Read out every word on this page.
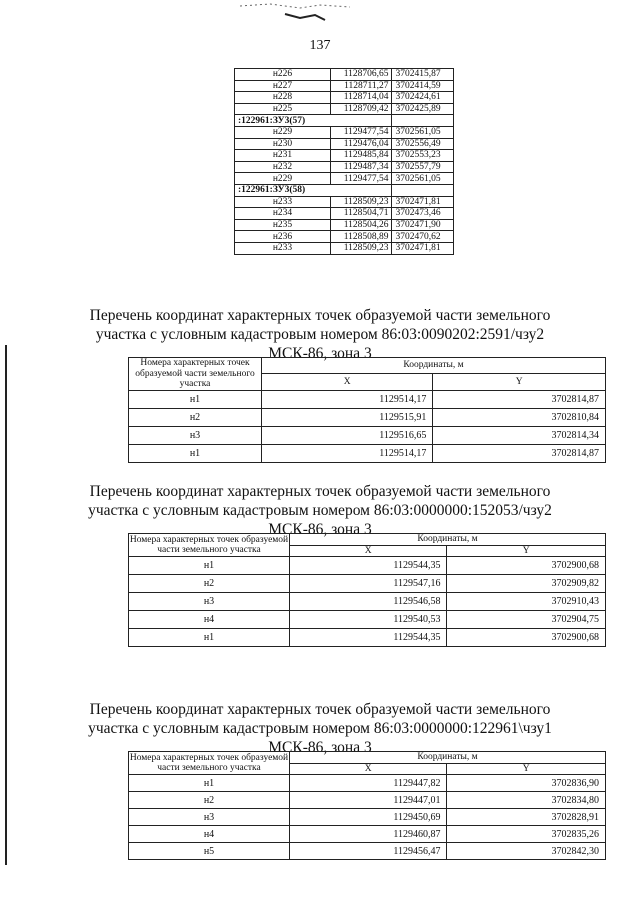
137
н226	1128706,65	3702415,87
н227	1128711,27	3702414,59
н228	1128714,04	3702424,61
н225	1128709,42	3702425,89
:122961:ЗУ3(57)		
н229	1129477,54	3702561,05
н230	1129476,04	3702556,49
н231	1129485,84	3702553,23
н232	1129487,34	3702557,79
н229	1129477,54	3702561,05
:122961:ЗУ3(58)		
н233	1128509,23	3702471,81
н234	1128504,71	3702473,46
н235	1128504,26	3702471,90
н236	1128508,89	3702470,62
н233	1128509,23	3702471,81
Перечень координат характерных точек образуемой части земельного
участка с условным кадастровым номером 86:03:0090202:2591/чзу2
МСК-86, зона 3
Номера характерных точек образуемой части земельного участка	Координаты, м	
	X	Y
н1	1129514,17	3702814,87
н2	1129515,91	3702810,84
н3	1129516,65	3702814,34
н1	1129514,17	3702814,87
Перечень координат характерных точек образуемой части земельного
участка с условным кадастровым номером 86:03:0000000:152053/чзу2
МСК-86, зона 3
Номера характерных точек образуемой части земельного участка	Координаты, м	
	X	Y
н1	1129544,35	3702900,68
н2	1129547,16	3702909,82
н3	1129546,58	3702910,43
н4	1129540,53	3702904,75
н1	1129544,35	3702900,68
Перечень координат характерных точек образуемой части земельного
участка с условным кадастровым номером 86:03:0000000:122961\чзу1
МСК-86, зона 3
Номера характерных точек образуемой части земельного участка	Координаты, м	
	X	Y
н1	1129447,82	3702836,90
н2	1129447,01	3702834,80
н3	1129450,69	3702828,91
н4	1129460,87	3702835,26
н5	1129456,47	3702842,30
